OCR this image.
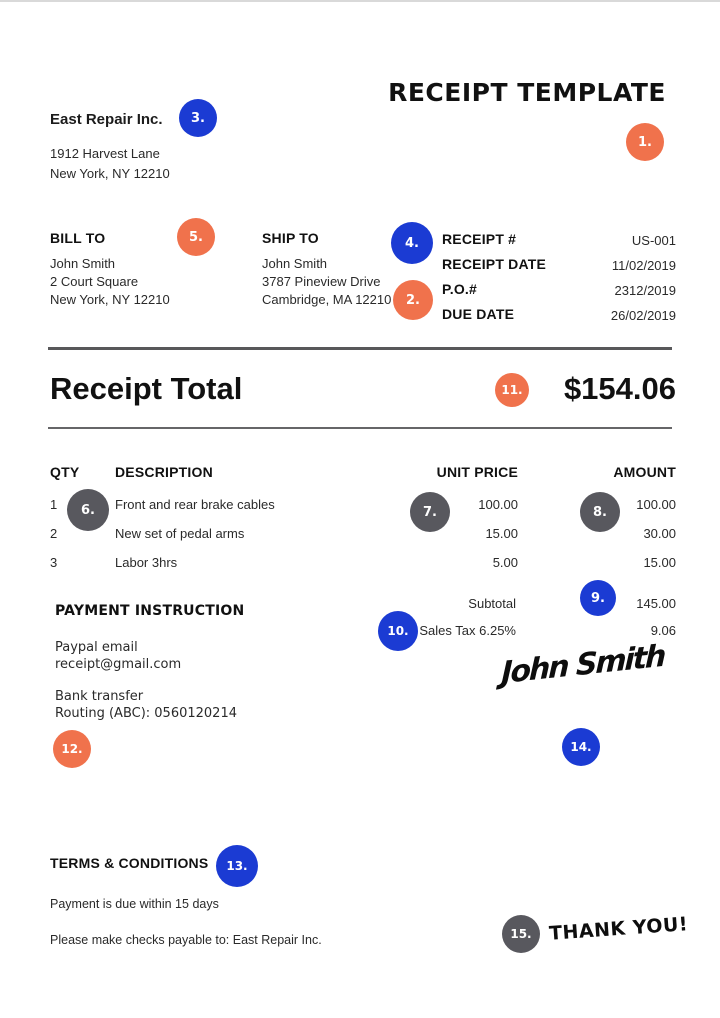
RECEIPT TEMPLATE
East Repair Inc.
1912 Harvest Lane
New York, NY 12210
BILL TO
John Smith
2 Court Square
New York, NY 12210
SHIP TO
John Smith
3787 Pineview Drive
Cambridge, MA 12210
RECEIPT #	US-001
RECEIPT DATE	11/02/2019
P.O.#	2312/2019
DUE DATE	26/02/2019
Receipt Total	$154.06
QTY	DESCRIPTION	UNIT PRICE	AMOUNT
1	Front and rear brake cables	100.00	100.00
2	New set of pedal arms	15.00	30.00
3	Labor 3hrs	5.00	15.00
Subtotal	145.00
Sales Tax 6.25%	9.06
PAYMENT INSTRUCTION
Paypal email
receipt@gmail.com
Bank transfer
Routing (ABC): 0560120214
John Smith
TERMS & CONDITIONS
Payment is due within 15 days
Please make checks payable to: East Repair Inc.	THANK YOU!
1.
2.
3.
4.
5.
6.	7.	8.
9.
10.
11.
12.
13.
14.
15.
